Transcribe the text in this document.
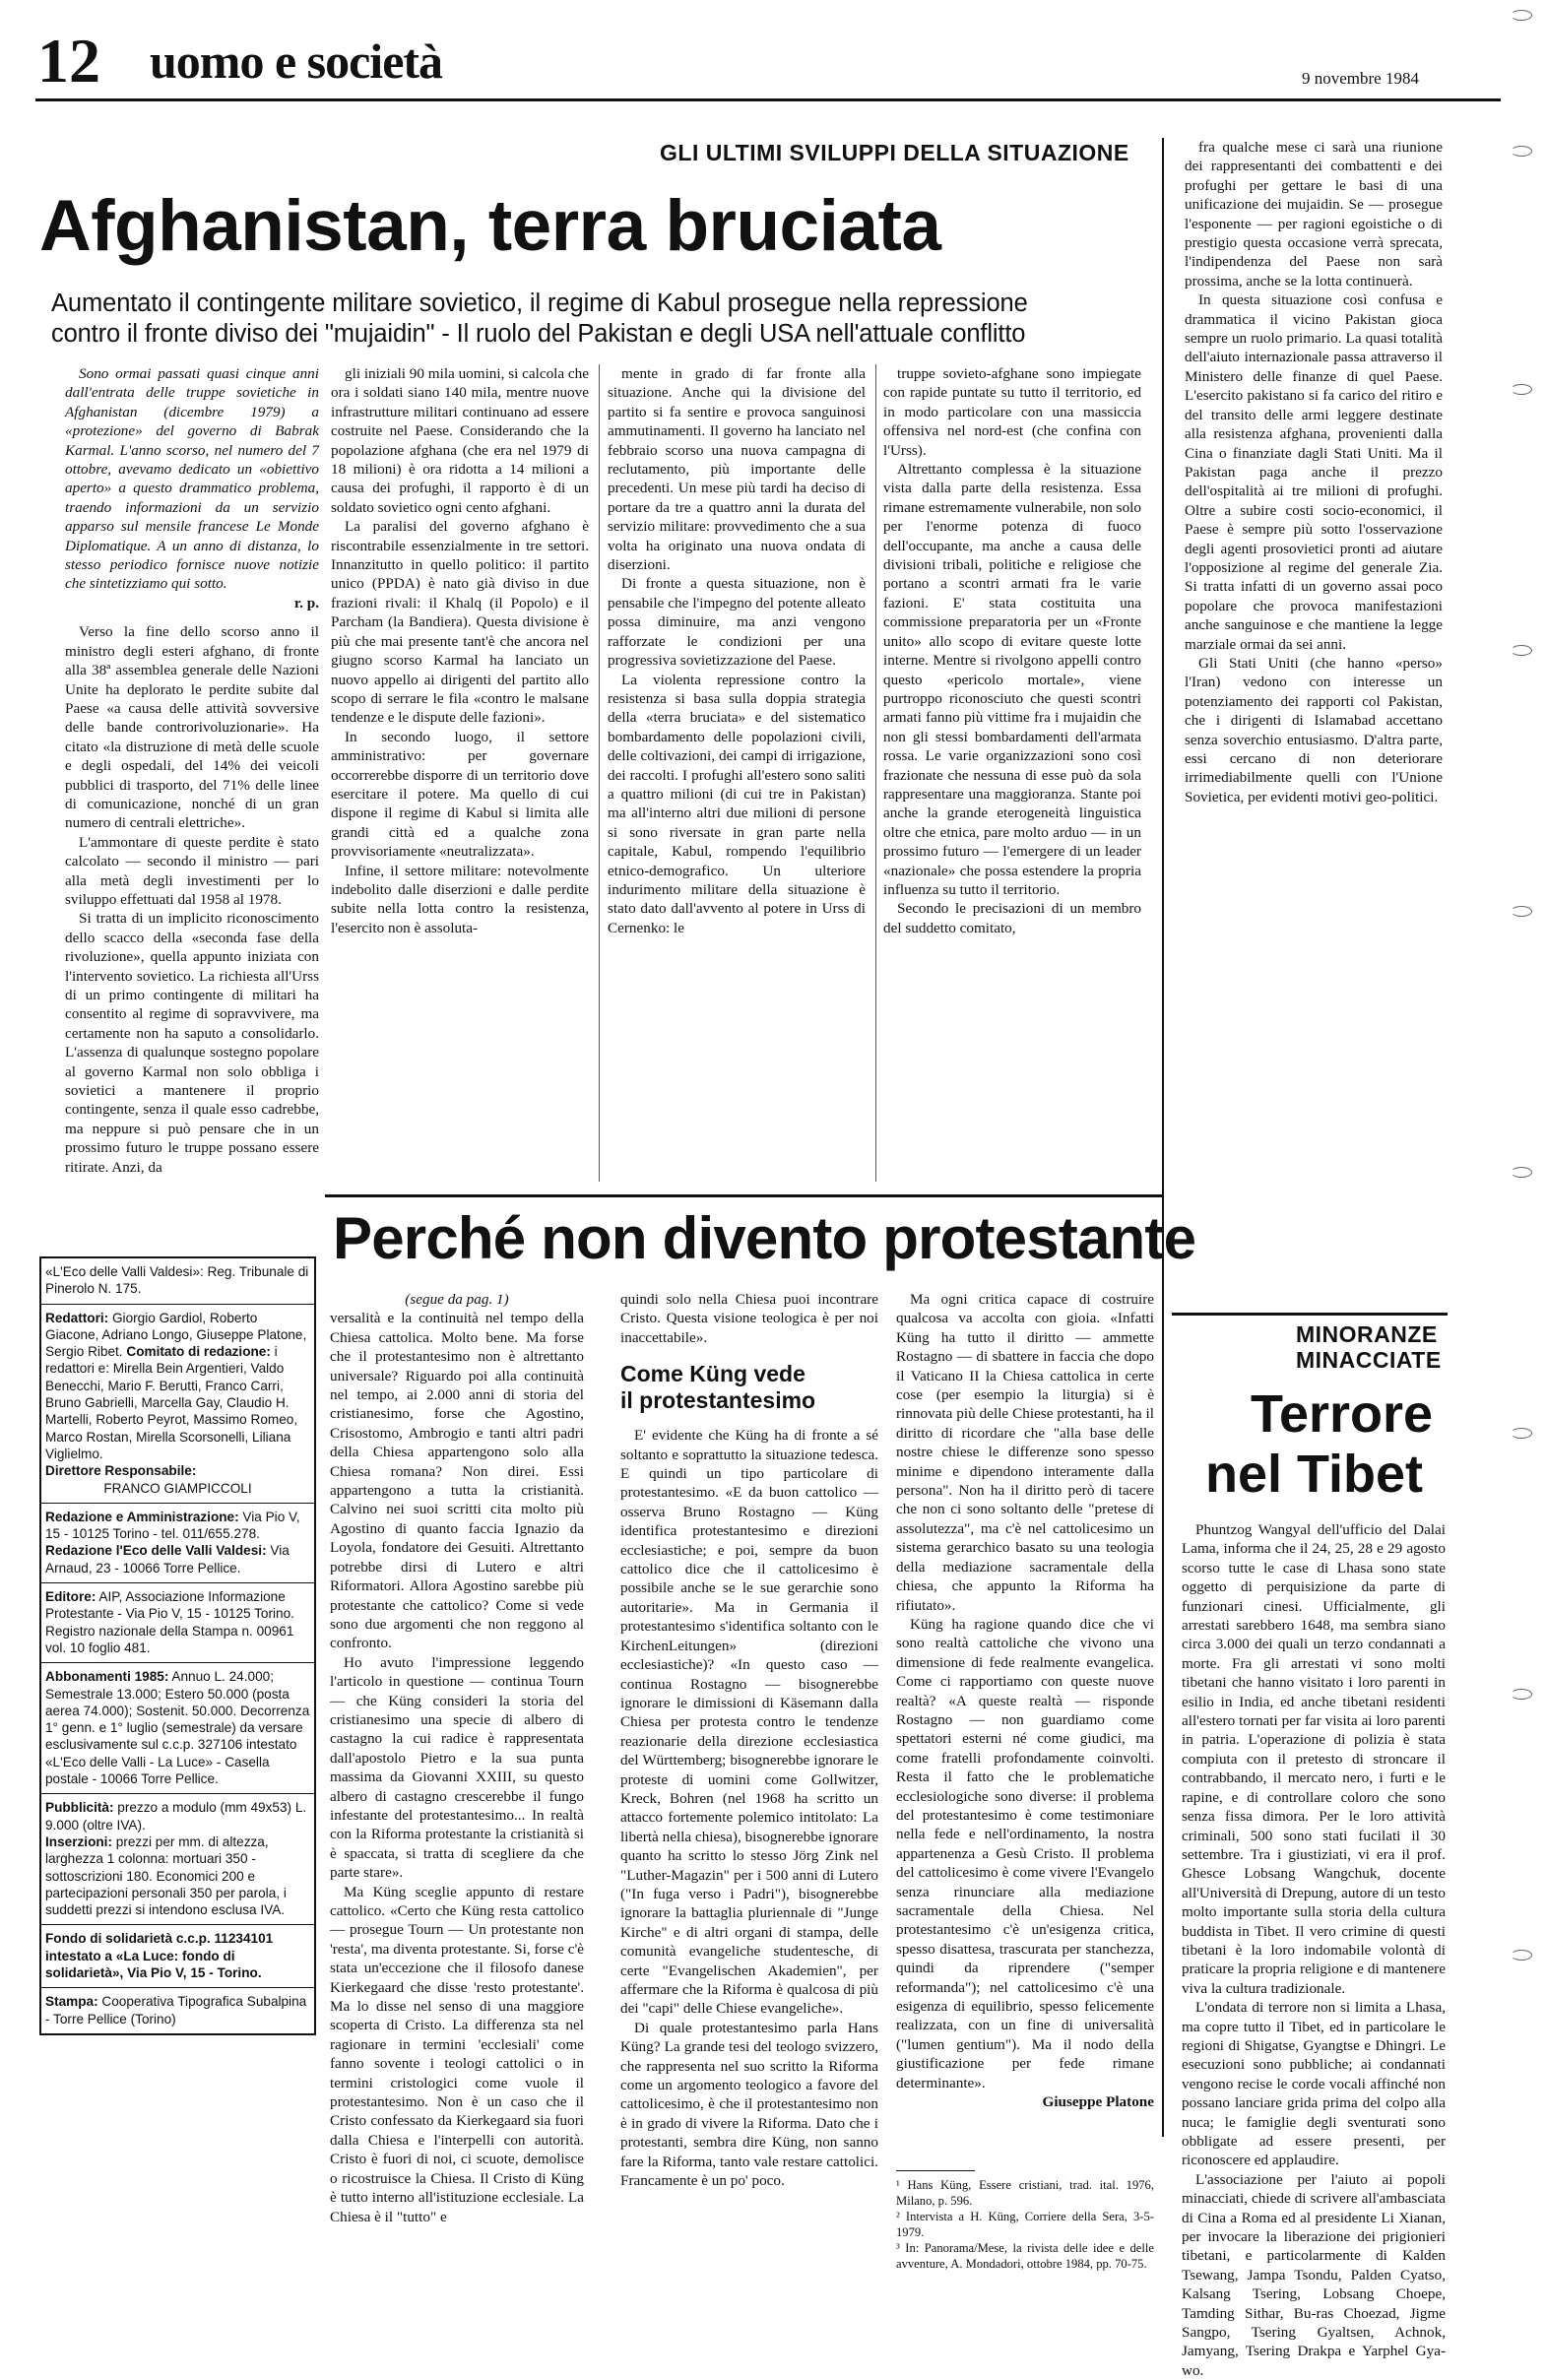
12 uomo e società	9 novembre 1984
GLI ULTIMI SVILUPPI DELLA SITUAZIONE
Afghanistan, terra bruciata
Aumentato il contingente militare sovietico, il regime di Kabul prosegue nella repressione
contro il fronte diviso dei "mujaidin" - Il ruolo del Pakistan e degli USA nell'attuale conflitto

Sono ormai passati quasi cinque anni dall'entrata delle truppe sovietiche in Afghanistan (dicembre 1979) a «protezione» del governo di Babrak Karmal. L'anno scorso, nel numero del 7 ottobre, avevamo dedicato un «obiettivo aperto» a questo drammatico problema, traendo informazioni da un servizio apparso sul mensile francese Le Monde Diplomatique. A un anno di distanza, lo stesso periodico fornisce nuove notizie che sintetizziamo qui sotto.

r. p.

Verso la fine dello scorso anno il ministro degli esteri afghano, di fronte alla 38ª assemblea generale delle Nazioni Unite ha deplorato le perdite subite dal Paese «a causa delle attività sovversive delle bande controrivoluzionarie». Ha citato «la distruzione di metà delle scuole e degli ospedali, del 14% dei veicoli pubblici di trasporto, del 71% delle linee di comunicazione, nonché di un gran numero di centrali elettriche».

L'ammontare di queste perdite è stato calcolato — secondo il ministro — pari alla metà degli investimenti per lo sviluppo effettuati dal 1958 al 1978.

Si tratta di un implicito riconoscimento dello scacco della «seconda fase della rivoluzione», quella appunto iniziata con l'intervento sovietico. La richiesta all'Urss di un primo contingente di militari ha consentito al regime di sopravvivere, ma certamente non ha saputo a consolidarlo. L'assenza di qualunque sostegno popolare al governo Karmal non solo obbliga i sovietici a mantenere il proprio contingente, senza il quale esso cadrebbe, ma neppure si può pensare che in un prossimo futuro le truppe possano essere ritirate. Anzi, da

gli iniziali 90 mila uomini, si calcola che ora i soldati siano 140 mila, mentre nuove infrastrutture militari continuano ad essere costruite nel Paese. Considerando che la popolazione afghana (che era nel 1979 di 18 milioni) è ora ridotta a 14 milioni a causa dei profughi, il rapporto è di un soldato sovietico ogni cento afghani.

La paralisi del governo afghano è riscontrabile essenzialmente in tre settori. Innanzitutto in quello politico: il partito unico (PPDA) è nato già diviso in due frazioni rivali: il Khalq (il Popolo) e il Parcham (la Bandiera). Questa divisione è più che mai presente tant'è che ancora nel giugno scorso Karmal ha lanciato un nuovo appello ai dirigenti del partito allo scopo di serrare le fila «contro le malsane tendenze e le dispute delle fazioni».

In secondo luogo, il settore amministrativo: per governare occorrerebbe disporre di un territorio dove esercitare il potere. Ma quello di cui dispone il regime di Kabul si limita alle grandi città ed a qualche zona provvisoriamente «neutralizzata».

Infine, il settore militare: notevolmente indebolito dalle diserzioni e dalle perdite subite nella lotta contro la resistenza, l'esercito non è assoluta-

mente in grado di far fronte alla situazione. Anche qui la divisione del partito si fa sentire e provoca sanguinosi ammutinamenti. Il governo ha lanciato nel febbraio scorso una nuova campagna di reclutamento, più importante delle precedenti. Un mese più tardi ha deciso di portare da tre a quattro anni la durata del servizio militare: provvedimento che a sua volta ha originato una nuova ondata di diserzioni.

Di fronte a questa situazione, non è pensabile che l'impegno del potente alleato possa diminuire, ma anzi vengono rafforzate le condizioni per una progressiva sovietizzazione del Paese.

La violenta repressione contro la resistenza si basa sulla doppia strategia della «terra bruciata» e del sistematico bombardamento delle popolazioni civili, delle coltivazioni, dei campi di irrigazione, dei raccolti. I profughi all'estero sono saliti a quattro milioni (di cui tre in Pakistan) ma all'interno altri due milioni di persone si sono riversate in gran parte nella capitale, Kabul, rompendo l'equilibrio etnico-demografico. Un ulteriore indurimento militare della situazione è stato dato dall'avvento al potere in Urss di Cernenko: le

truppe sovieto-afghane sono impiegate con rapide puntate su tutto il territorio, ed in modo particolare con una massiccia offensiva nel nord-est (che confina con l'Urss).

Altrettanto complessa è la situazione vista dalla parte della resistenza. Essa rimane estremamente vulnerabile, non solo per l'enorme potenza di fuoco dell'occupante, ma anche a causa delle divisioni tribali, politiche e religiose che portano a scontri armati fra le varie fazioni. E' stata costituita una commissione preparatoria per un «Fronte unito» allo scopo di evitare queste lotte interne. Mentre si rivolgono appelli contro questo «pericolo mortale», viene purtroppo riconosciuto che questi scontri armati fanno più vittime fra i mujaidin che non gli stessi bombardamenti dell'armata rossa. Le varie organizzazioni sono così frazionate che nessuna di esse può da sola rappresentare una maggioranza. Stante poi anche la grande eterogeneità linguistica oltre che etnica, pare molto arduo — in un prossimo futuro — l'emergere di un leader «nazionale» che possa estendere la propria influenza su tutto il territorio.

Secondo le precisazioni di un membro del suddetto comitato,

fra qualche mese ci sarà una riunione dei rappresentanti dei combattenti e dei profughi per gettare le basi di una unificazione dei mujaidin. Se — prosegue l'esponente — per ragioni egoistiche o di prestigio questa occasione verrà sprecata, l'indipendenza del Paese non sarà prossima, anche se la lotta continuerà.

In questa situazione così confusa e drammatica il vicino Pakistan gioca sempre un ruolo primario. La quasi totalità dell'aiuto internazionale passa attraverso il Ministero delle finanze di quel Paese. L'esercito pakistano si fa carico del ritiro e del transito delle armi leggere destinate alla resistenza afghana, provenienti dalla Cina o finanziate dagli Stati Uniti. Ma il Pakistan paga anche il prezzo dell'ospitalità ai tre milioni di profughi. Oltre a subire costi socio-economici, il Paese è sempre più sotto l'osservazione degli agenti prosovietici pronti ad aiutare l'opposizione al regime del generale Zia. Si tratta infatti di un governo assai poco popolare che provoca manifestazioni anche sanguinose e che mantiene la legge marziale ormai da sei anni.

Gli Stati Uniti (che hanno «perso» l'Iran) vedono con interesse un potenziamento dei rapporti col Pakistan, che i dirigenti di Islamabad accettano senza soverchio entusiasmo. D'altra parte, essi cercano di non deteriorare irrimediabilmente quelli con l'Unione Sovietica, per evidenti motivi geo-politici.

MINORANZE
MINACCIATE
Terrore
nel Tibet

Phuntzog Wangyal dell'ufficio del Dalai Lama, informa che il 24, 25, 28 e 29 agosto scorso tutte le case di Lhasa sono state oggetto di perquisizione da parte di funzionari cinesi. Ufficialmente, gli arrestati sarebbero 1648, ma sembra siano circa 3.000 dei quali un terzo condannati a morte. Fra gli arrestati vi sono molti tibetani che hanno visitato i loro parenti in esilio in India, ed anche tibetani residenti all'estero tornati per far visita ai loro parenti in patria. L'operazione di polizia è stata compiuta con il pretesto di stroncare il contrabbando, il mercato nero, i furti e le rapine, e di controllare coloro che sono senza fissa dimora. Per le loro attività criminali, 500 sono stati fucilati il 30 settembre. Tra i giustiziati, vi era il prof. Ghesce Lobsang Wangchuk, docente all'Università di Drepung, autore di un testo molto importante sulla storia della cultura buddista in Tibet. Il vero crimine di questi tibetani è la loro indomabile volontà di praticare la propria religione e di mantenere viva la cultura tradizionale.

L'ondata di terrore non si limita a Lhasa, ma copre tutto il Tibet, ed in particolare le regioni di Shigatse, Gyangtse e Dhingri. Le esecuzioni sono pubbliche; ai condannati vengono recise le corde vocali affinché non possano lanciare grida prima del colpo alla nuca; le famiglie degli sventurati sono obbligate ad essere presenti, per riconoscere ed applaudire.

L'associazione per l'aiuto ai popoli minacciati, chiede di scrivere all'ambasciata di Cina a Roma ed al presidente Li Xianan, per invocare la liberazione dei prigionieri tibetani, e particolarmente di Kalden Tsewang, Jampa Tsondu, Palden Cyatso, Kalsang Tsering, Lobsang Choepe, Tamding Sithar, Bu-ras Choezad, Jigme Sangpo, Tsering Gyaltsen, Achnok, Jamyang, Tsering Drakpa e Yarphel Gya-wo.

«L'Eco delle Valli Valdesi»: Reg. Tribunale di Pinerolo N. 175.
Redattori: Giorgio Gardiol, Roberto Giacone, Adriano Longo, Giuseppe Platone, Sergio Ribet. Comitato di redazione: i redattori e: Mirella Bein Argentieri, Valdo Benecchi, Mario F. Berutti, Franco Carri, Bruno Gabrielli, Marcella Gay, Claudio H. Martelli, Roberto Peyrot, Massimo Romeo, Marco Rostan, Mirella Scorsonelli, Liliana Viglielmo.
Direttore Responsabile:

FRANCO GIAMPICCOLI
Redazione e Amministrazione: Via Pio V, 15 - 10125 Torino - tel. 011/655.278.
Redazione l'Eco delle Valli Valdesi: Via Arnaud, 23 - 10066 Torre Pellice.
Editore: AIP, Associazione Informazione Protestante - Via Pio V, 15 - 10125 Torino.
Registro nazionale della Stampa n. 00961 vol. 10 foglio 481.
Abbonamenti 1985: Annuo L. 24.000; Semestrale 13.000; Estero 50.000 (posta aerea 74.000); Sostenit. 50.000. Decorrenza 1° genn. e 1° luglio (semestrale) da versare esclusivamente sul c.c.p. 327106 intestato «L'Eco delle Valli - La Luce» - Casella postale - 10066 Torre Pellice.
Pubblicità: prezzo a modulo (mm 49x53) L. 9.000 (oltre IVA).
Inserzioni: prezzi per mm. di altezza, larghezza 1 colonna: mortuari 350 - sottoscrizioni 180. Economici 200 e partecipazioni personali 350 per parola, i suddetti prezzi si intendono esclusa IVA.
Fondo di solidarietà c.c.p. 11234101 intestato a «La Luce: fondo di solidarietà», Via Pio V, 15 - Torino.
Stampa: Cooperativa Tipografica Subalpina - Torre Pellice (Torino)
Perché non divento protestante
(segue da pag. 1)

versalità e la continuità nel tempo della Chiesa cattolica. Molto bene. Ma forse che il protestantesimo non è altrettanto universale? Riguardo poi alla continuità nel tempo, ai 2.000 anni di storia del cristianesimo, forse che Agostino, Crisostomo, Ambrogio e tanti altri padri della Chiesa appartengono solo alla Chiesa romana? Non direi. Essi appartengono a tutta la cristianità. Calvino nei suoi scritti cita molto più Agostino di quanto faccia Ignazio da Loyola, fondatore dei Gesuiti. Altrettanto potrebbe dirsi di Lutero e altri Riformatori. Allora Agostino sarebbe più protestante che cattolico? Come si vede sono due argomenti che non reggono al confronto.

Ho avuto l'impressione leggendo l'articolo in questione — continua Tourn — che Küng consideri la storia del cristianesimo una specie di albero di castagno la cui radice è rappresentata dall'apostolo Pietro e la sua punta massima da Giovanni XXIII, su questo albero di castagno crescerebbe il fungo infestante del protestantesimo... In realtà con la Riforma protestante la cristianità si è spaccata, si tratta di scegliere da che parte stare».

Ma Küng sceglie appunto di restare cattolico. «Certo che Küng resta cattolico — prosegue Tourn — Un protestante non 'resta', ma diventa protestante. Si, forse c'è stata un'eccezione che il filosofo danese Kierkegaard che disse 'resto protestante'. Ma lo disse nel senso di una maggiore scoperta di Cristo. La differenza sta nel ragionare in termini 'ecclesiali' come fanno sovente i teologi cattolici o in termini cristologici come vuole il protestantesimo. Non è un caso che il Cristo confessato da Kierkegaard sia fuori dalla Chiesa e l'interpelli con autorità. Cristo è fuori di noi, ci scuote, demolisce o ricostruisce la Chiesa. Il Cristo di Küng è tutto interno all'istituzione ecclesiale. La Chiesa è il "tutto" e

quindi solo nella Chiesa puoi incontrare Cristo. Questa visione teologica è per noi inaccettabile».

Come Küng vede
il protestantesimo

E' evidente che Küng ha di fronte a sé soltanto e soprattutto la situazione tedesca. E quindi un tipo particolare di protestantesimo. «E da buon cattolico — osserva Bruno Rostagno — Küng identifica protestantesimo e direzioni ecclesiastiche; e poi, sempre da buon cattolico dice che il cattolicesimo è possibile anche se le sue gerarchie sono autoritarie». Ma in Germania il protestantesimo s'identifica soltanto con le KirchenLeitungen» (direzioni ecclesiastiche)? «In questo caso — continua Rostagno — bisognerebbe ignorare le dimissioni di Käsemann dalla Chiesa per protesta contro le tendenze reazionarie della direzione ecclesiastica del Württemberg; bisognerebbe ignorare le proteste di uomini come Gollwitzer, Kreck, Bohren (nel 1968 ha scritto un attacco fortemente polemico intitolato: La libertà nella chiesa), bisognerebbe ignorare quanto ha scritto lo stesso Jörg Zink nel "Luther-Magazin" per i 500 anni di Lutero ("In fuga verso i Padri"), bisognerebbe ignorare la battaglia pluriennale di "Junge Kirche" e di altri organi di stampa, delle comunità evangeliche studentesche, di certe "Evangelischen Akademien", per affermare che la Riforma è qualcosa di più dei "capi" delle Chiese evangeliche».

Di quale protestantesimo parla Hans Küng? La grande tesi del teologo svizzero, che rappresenta nel suo scritto la Riforma come un argomento teologico a favore del cattolicesimo, è che il protestantesimo non è in grado di vivere la Riforma. Dato che i protestanti, sembra dire Küng, non sanno fare la Riforma, tanto vale restare cattolici. Francamente è un po' poco.

Ma ogni critica capace di costruire qualcosa va accolta con gioia. «Infatti Küng ha tutto il diritto — ammette Rostagno — di sbattere in faccia che dopo il Vaticano II la Chiesa cattolica in certe cose (per esempio la liturgia) si è rinnovata più delle Chiese protestanti, ha il diritto di ricordare che "alla base delle nostre chiese le differenze sono spesso minime e dipendono interamente dalla persona". Non ha il diritto però di tacere che non ci sono soltanto delle "pretese di assolutezza", ma c'è nel cattolicesimo un sistema gerarchico basato su una teologia della mediazione sacramentale della chiesa, che appunto la Riforma ha rifiutato».

Küng ha ragione quando dice che vi sono realtà cattoliche che vivono una dimensione di fede realmente evangelica. Come ci rapportiamo con queste nuove realtà? «A queste realtà — risponde Rostagno — non guardiamo come spettatori esterni né come giudici, ma come fratelli profondamente coinvolti. Resta il fatto che le problematiche ecclesiologiche sono diverse: il problema del protestantesimo è come testimoniare nella fede e nell'ordinamento, la nostra appartenenza a Gesù Cristo. Il problema del cattolicesimo è come vivere l'Evangelo senza rinunciare alla mediazione sacramentale della Chiesa. Nel protestantesimo c'è un'esigenza critica, spesso disattesa, trascurata per stanchezza, quindi da riprendere ("semper reformanda"); nel cattolicesimo c'è una esigenza di equilibrio, spesso felicemente realizzata, con un fine di universalità ("lumen gentium"). Ma il nodo della giustificazione per fede rimane determinante».

Giuseppe Platone
¹ Hans Küng, Essere cristiani, trad. ital. 1976, Milano, p. 596.
² Intervista a H. Küng, Corriere della Sera, 3-5-1979.
³ In: Panorama/Mese, la rivista delle idee e delle avventure, A. Mondadori, ottobre 1984, pp. 70-75.
